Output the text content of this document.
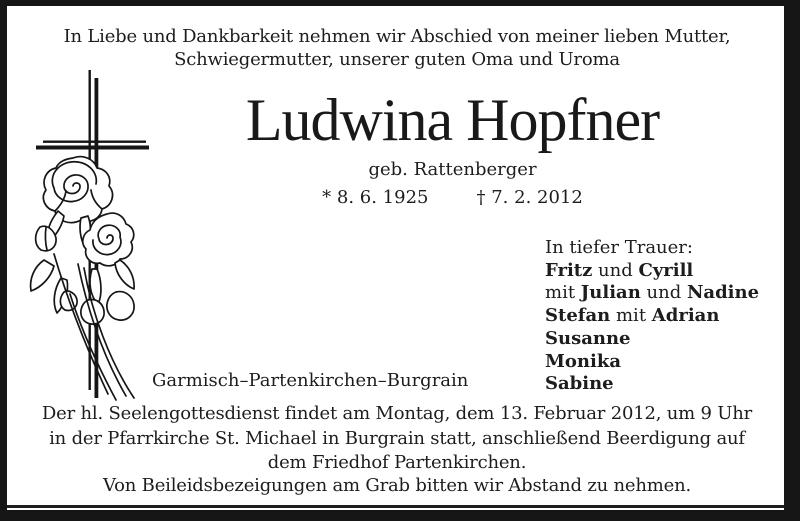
In Liebe und Dankbarkeit nehmen wir Abschied von meiner lieben Mutter,
Schwiegermutter, unserer guten Oma und Uroma
Ludwina Hopfner
geb. Rattenberger
* 8. 6. 1925	† 7. 2. 2012
In tiefer Trauer:
Fritz und Cyrill
mit Julian und Nadine
Stefan mit Adrian
Susanne
Monika
Sabine
Garmisch–Partenkirchen–Burgrain
Der hl. Seelengottesdienst findet am Montag, dem 13. Februar 2012, um 9 Uhr
in der Pfarrkirche St. Michael in Burgrain statt, anschließend Beerdigung auf
dem Friedhof Partenkirchen.
Von Beileidsbezeigungen am Grab bitten wir Abstand zu nehmen.
